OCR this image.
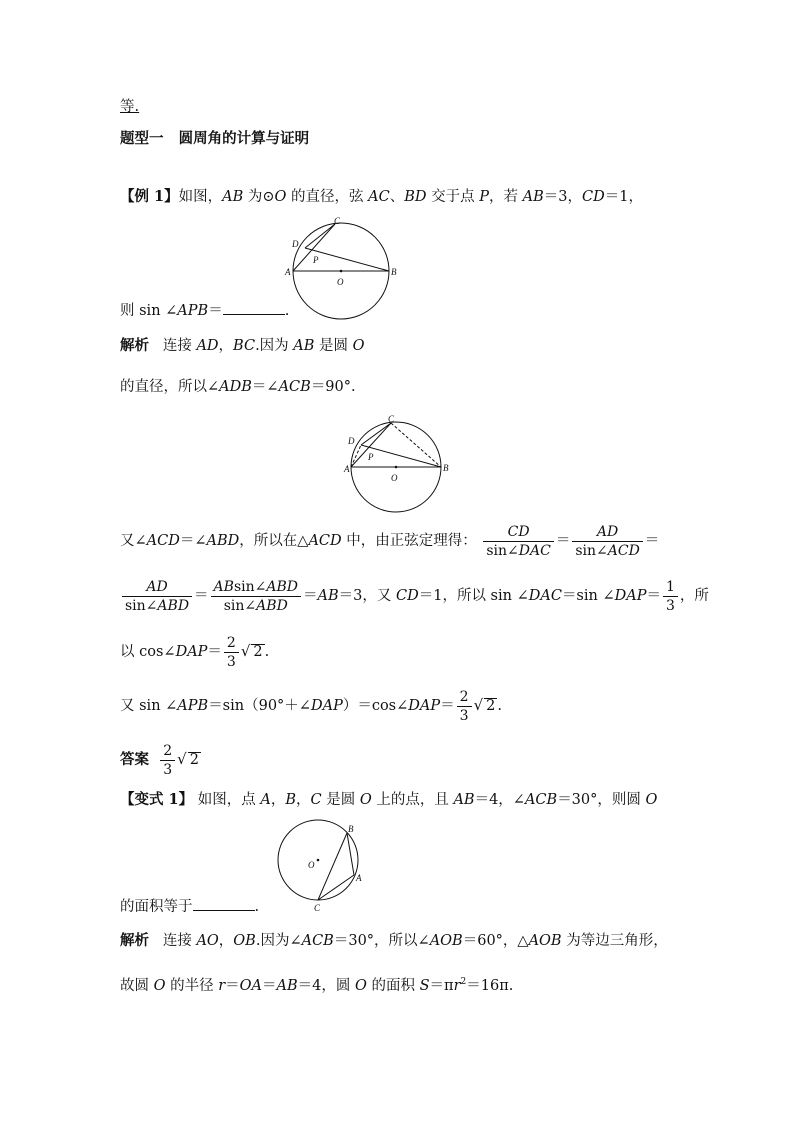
等.
题型一 圆周角的计算与证明
【例 1】如图，AB 为⊙O 的直径，弦 AC、BD 交于点 P，若 AB＝3，CD＝1，
A	B
C
D
P
O
则 sin ∠APB＝	.
解析 连接 AD，BC.因为 AB 是圆 O
的直径，所以∠ADB＝∠ACB＝90°.
A	B
C
D
P
O
又∠ACD＝∠ABD，所以在△ACD 中，由正弦定理得： $\frac{CD}{\text{sin∠DAC}} = \frac{AD}{\text{sin∠ACD}}$ ＝
$\frac{AD}{\text{sin∠ABD}} = \frac{\text{ABsin∠ABD}}{\text{sin∠ABD}} =AB=3$，又 CD＝1，所以 sin ∠DAC＝sin ∠DAP＝ $\frac{1}{3}$ ，所
以 cos∠DAP＝ $\frac{2}{3}$ √ 2 .
又 sin ∠APB＝sin（90°＋∠DAP）＝cos∠DAP＝ $\frac{2}{3}$ √ 2 .
答案 $\frac{2}{3}$ √ 2
【变式 1】 如图，点 A，B，C 是圆 O 上的点，且 AB＝4，∠ACB＝30°，则圆 O
B
A
C
O
的面积等于	.
解析 连接 AO，OB.因为∠ACB＝30°，所以∠AOB＝60°，△AOB 为等边三角形，
故圆 O 的半径 r＝OA＝AB＝4，圆 O 的面积 $S=\pi r^2=16\pi$.
